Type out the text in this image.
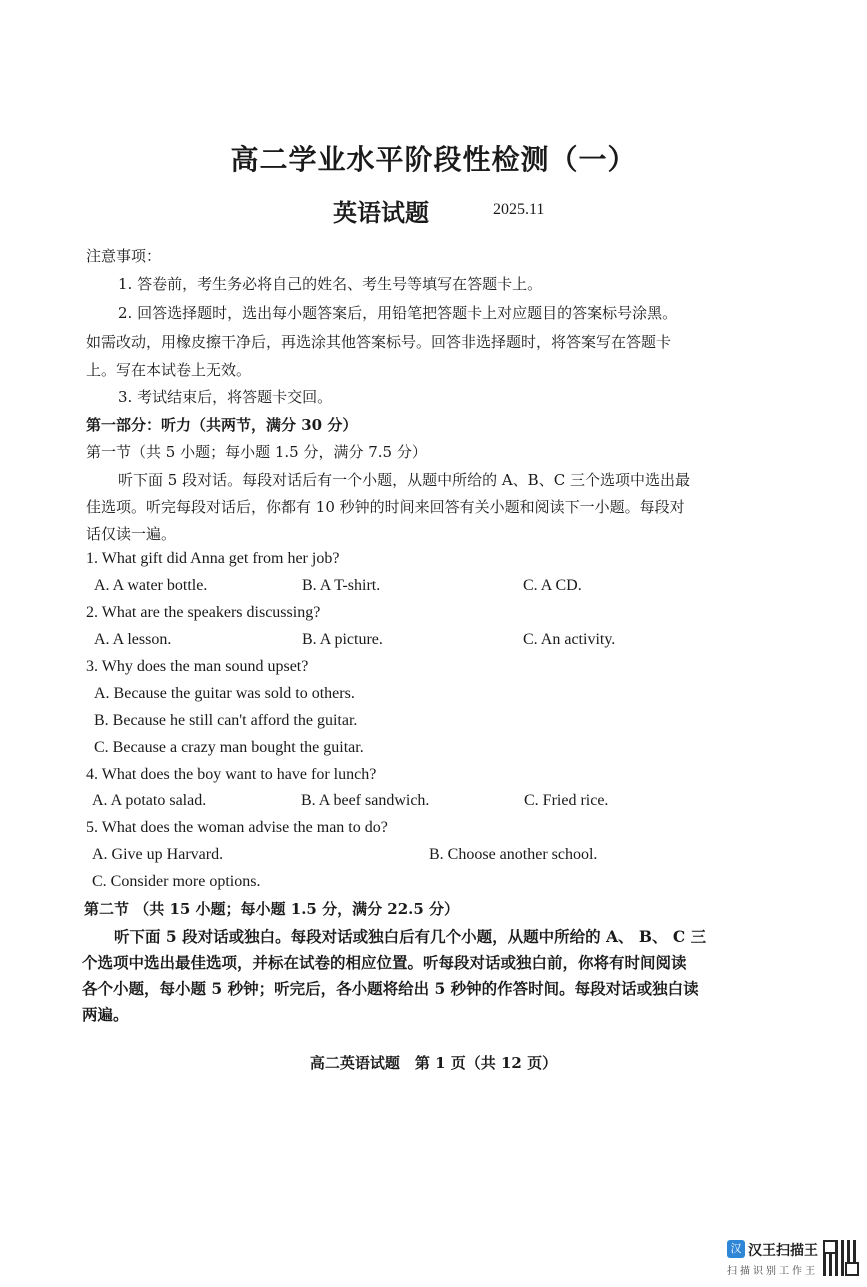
高二学业水平阶段性检测（一）
英语试题	2025.11
注意事项：
1. 答卷前，考生务必将自己的姓名、考生号等填写在答题卡上。
2. 回答选择题时，选出每小题答案后，用铅笔把答题卡上对应题目的答案标号涂黑。
如需改动，用橡皮擦干净后，再选涂其他答案标号。回答非选择题时，将答案写在答题卡
上。写在本试卷上无效。
3. 考试结束后，将答题卡交回。
第一部分：听力（共两节，满分 30 分）
第一节（共 5 小题；每小题 1.5 分，满分 7.5 分）
听下面 5 段对话。每段对话后有一个小题，从题中所给的 A、B、C 三个选项中选出最
佳选项。听完每段对话后，你都有 10 秒钟的时间来回答有关小题和阅读下一小题。每段对
话仅读一遍。
1. What gift did Anna get from her job?
A. A water bottle.	B. A T-shirt.	C. A CD.
2. What are the speakers discussing?
A. A lesson.	B. A picture.	C. An activity.
3. Why does the man sound upset?
A. Because the guitar was sold to others.
B. Because he still can't afford the guitar.
C. Because a crazy man bought the guitar.
4. What does the boy want to have for lunch?
A. A potato salad.	B. A beef sandwich.	C. Fried rice.
5. What does the woman advise the man to do?
A. Give up Harvard.	B. Choose another school.
C. Consider more options.
第二节 （共 15 小题；每小题 1.5 分，满分 22.5 分）
听下面 5 段对话或独白。每段对话或独白后有几个小题，从题中所给的 A、 B、 C 三
个选项中选出最佳选项，并标在试卷的相应位置。听每段对话或独白前，你将有时间阅读
各个小题，每小题 5 秒钟；听完后，各小题将给出 5 秒钟的作答时间。每段对话或独白读
两遍。
高二英语试题　第 1 页（共 12 页）
汉 汉王扫描王
扫描识别工作王
